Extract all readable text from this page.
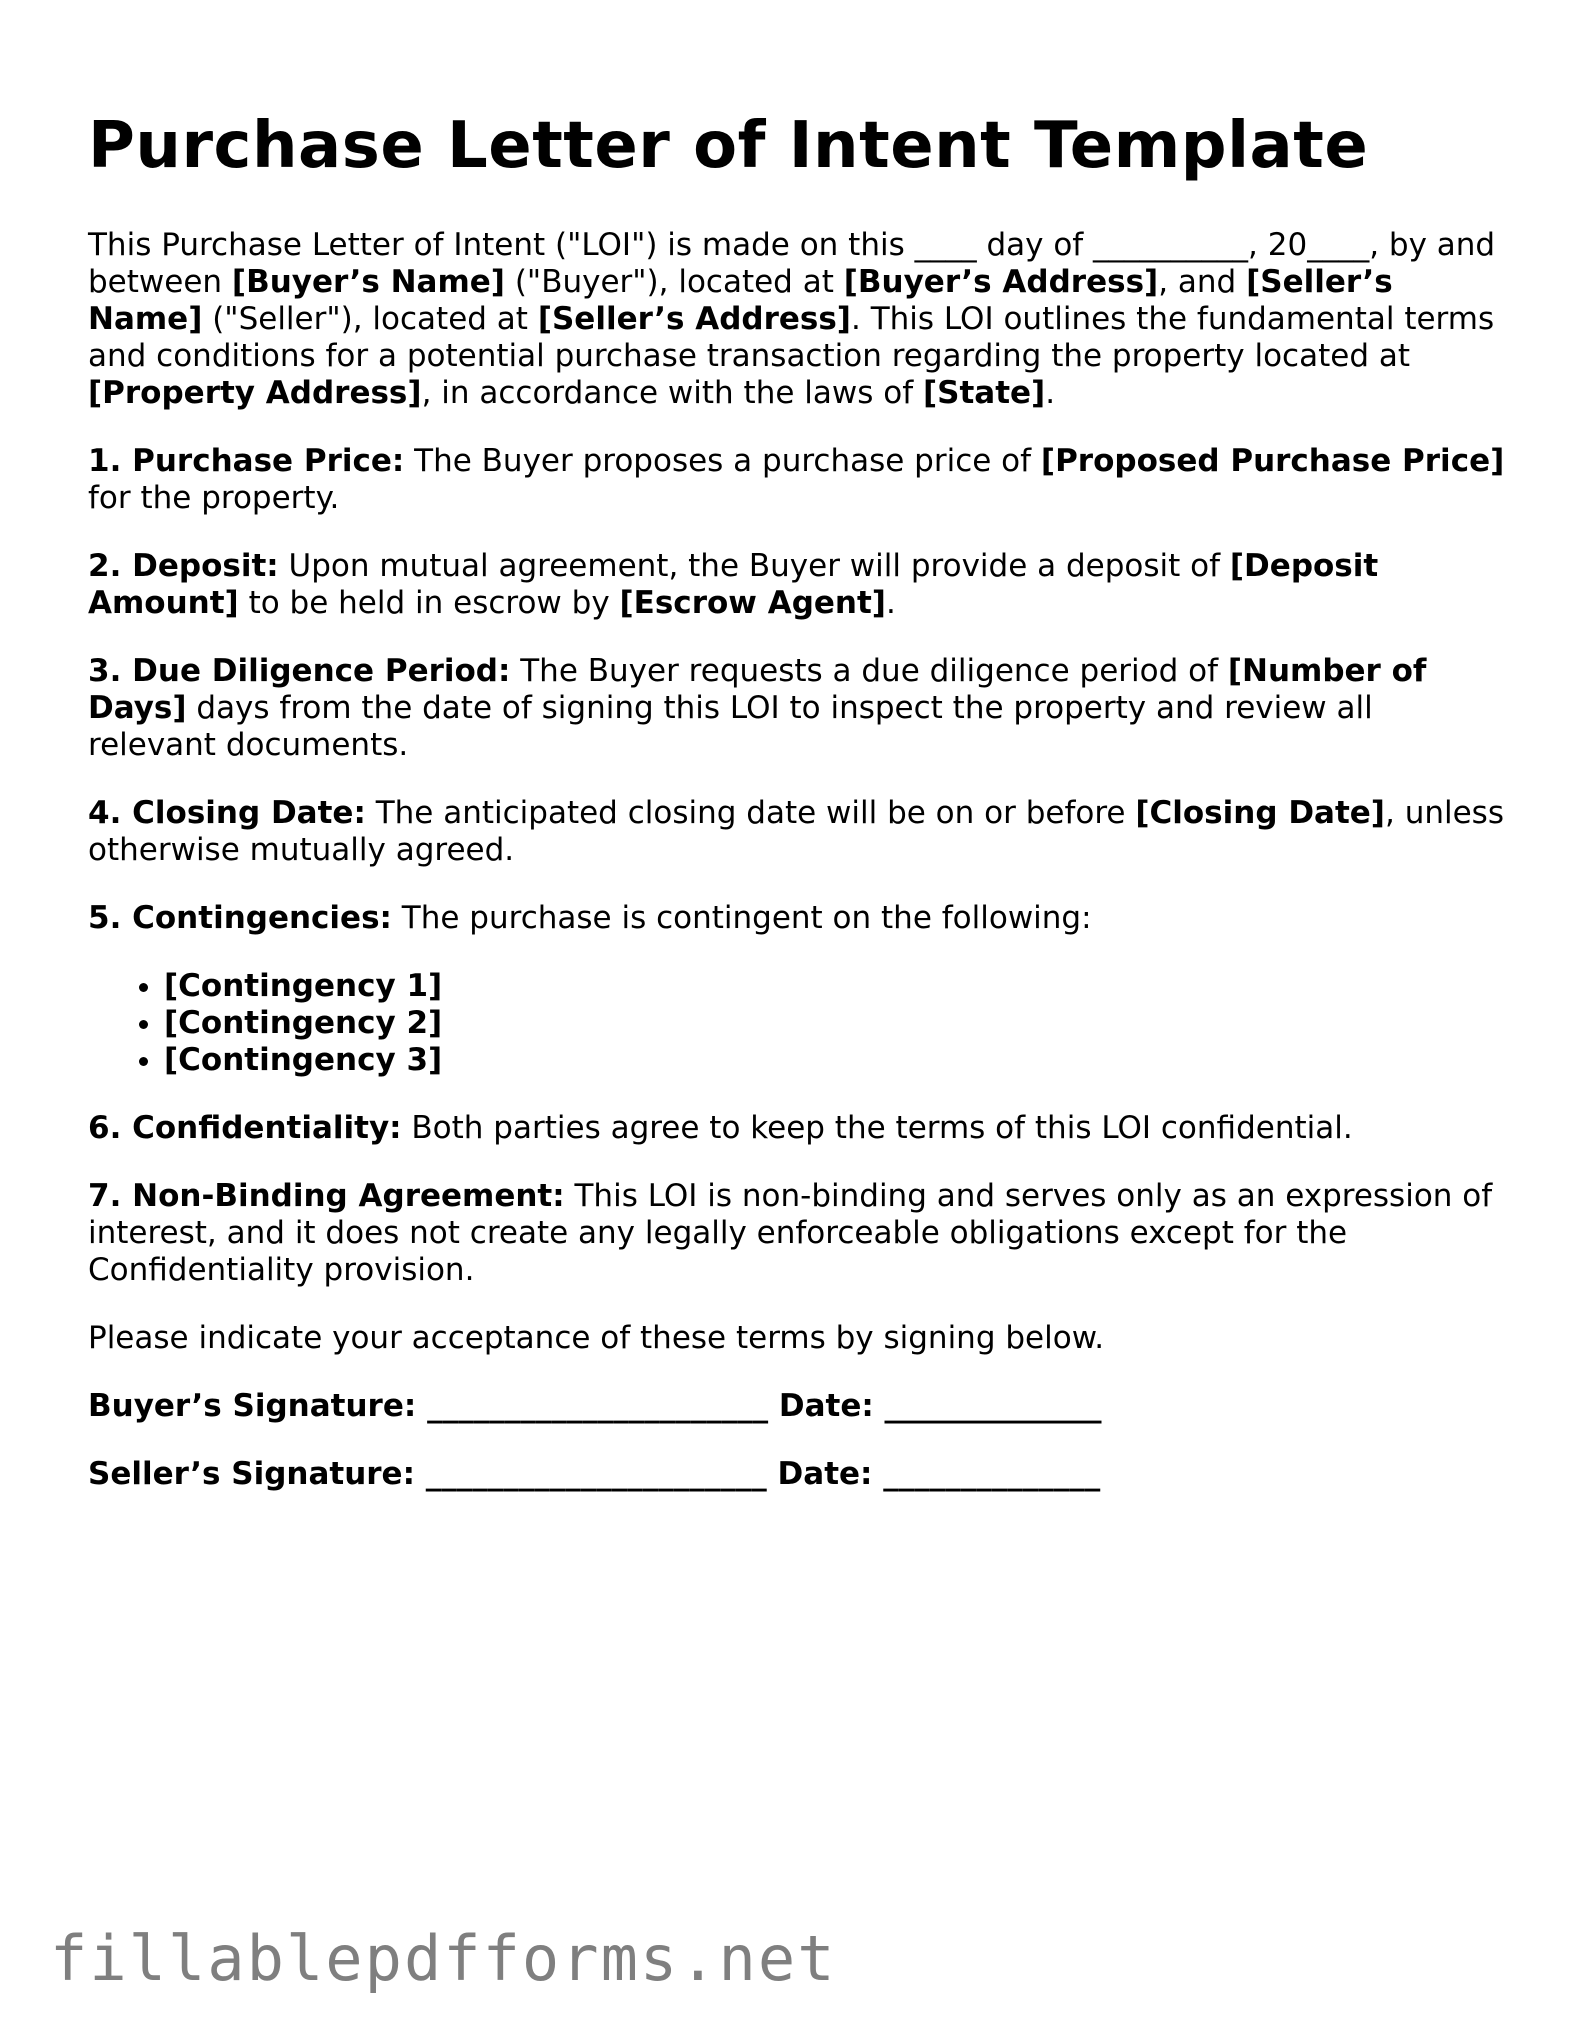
Purchase Letter of Intent Template

This Purchase Letter of Intent ("LOI") is made on this ____ day of __________, 20____, by and between [Buyer’s Name] ("Buyer"), located at [Buyer’s Address], and [Seller’s Name] ("Seller"), located at [Seller’s Address]. This LOI outlines the fundamental terms and conditions for a potential purchase transaction regarding the property located at [Property Address], in accordance with the laws of [State].

1. Purchase Price: The Buyer proposes a purchase price of [Proposed Purchase Price] for the property.

2. Deposit: Upon mutual agreement, the Buyer will provide a deposit of [Deposit Amount] to be held in escrow by [Escrow Agent].

3. Due Diligence Period: The Buyer requests a due diligence period of [Number of Days] days from the date of signing this LOI to inspect the property and review all relevant documents.

4. Closing Date: The anticipated closing date will be on or before [Closing Date], unless otherwise mutually agreed.

5. Contingencies: The purchase is contingent on the following:

• [Contingency 1]
• [Contingency 2]
• [Contingency 3]

6. Confidentiality: Both parties agree to keep the terms of this LOI confidential.

7. Non-Binding Agreement: This LOI is non-binding and serves only as an expression of interest, and it does not create any legally enforceable obligations except for the Confidentiality provision.

Please indicate your acceptance of these terms by signing below.

Buyer’s Signature: ______________________ Date: ______________

Seller’s Signature: ______________________ Date: ______________

fillablepdfforms.net
